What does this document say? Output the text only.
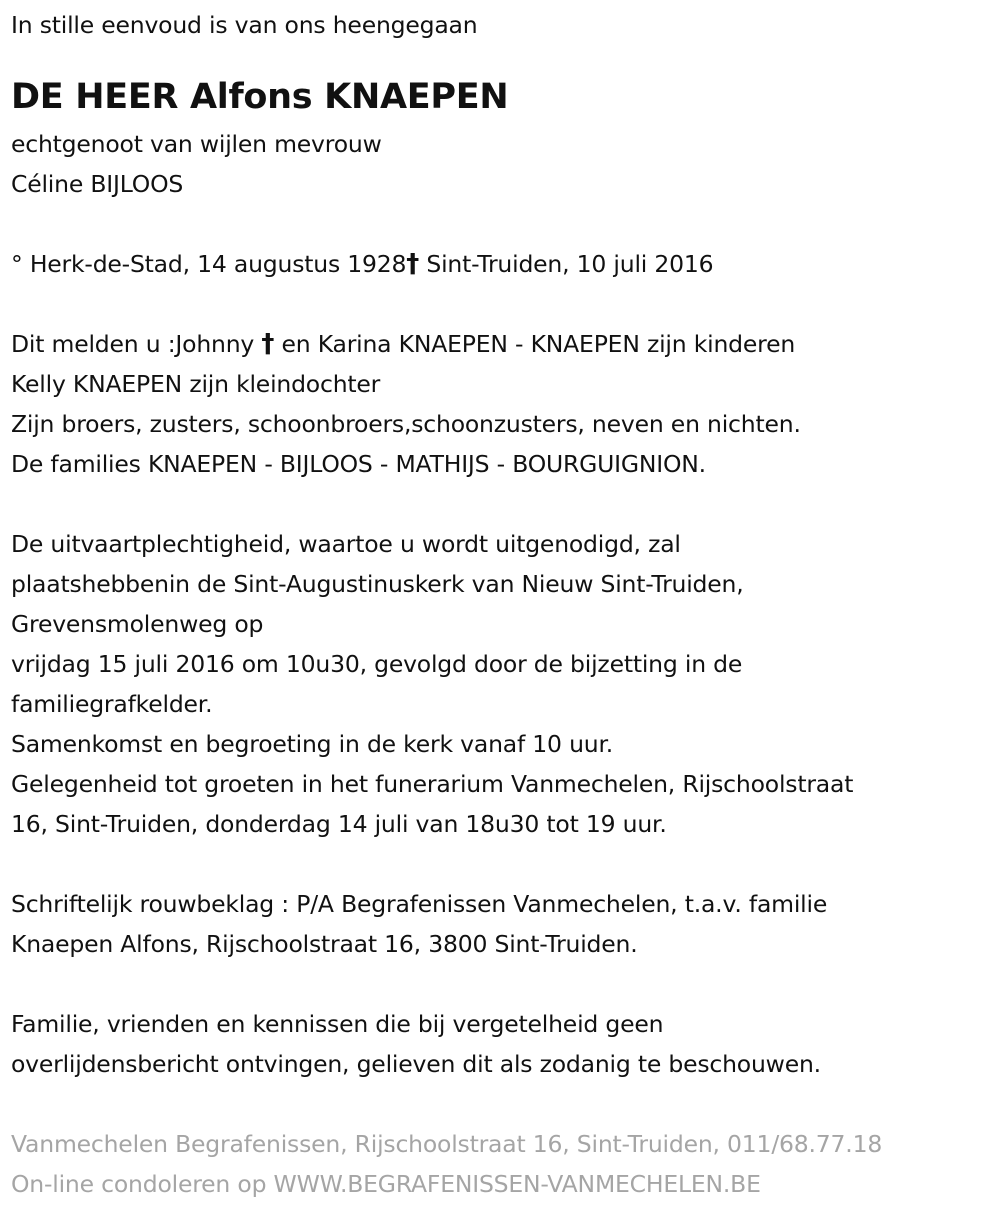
In stille eenvoud is van ons heengegaan
DE HEER Alfons KNAEPEN
echtgenoot van wijlen mevrouw
Céline BIJLOOS
° Herk-de-Stad, 14 augustus 1928† Sint-Truiden, 10 juli 2016
Dit melden u :Johnny † en Karina KNAEPEN - KNAEPEN zijn kinderen
Kelly KNAEPEN zijn kleindochter
Zijn broers, zusters, schoonbroers,schoonzusters, neven en nichten.
De families KNAEPEN - BIJLOOS - MATHIJS - BOURGUIGNION.
De uitvaartplechtigheid, waartoe u wordt uitgenodigd, zal
plaatshebbenin de Sint-Augustinuskerk van Nieuw Sint-Truiden,
Grevensmolenweg op
vrijdag 15 juli 2016 om 10u30, gevolgd door de bijzetting in de
familiegrafkelder.
Samenkomst en begroeting in de kerk vanaf 10 uur.
Gelegenheid tot groeten in het funerarium Vanmechelen, Rijschoolstraat
16, Sint-Truiden, donderdag 14 juli van 18u30 tot 19 uur.
Schriftelijk rouwbeklag : P/A Begrafenissen Vanmechelen, t.a.v. familie
Knaepen Alfons, Rijschoolstraat 16, 3800 Sint-Truiden.
Familie, vrienden en kennissen die bij vergetelheid geen
overlijdensbericht ontvingen, gelieven dit als zodanig te beschouwen.
Vanmechelen Begrafenissen, Rijschoolstraat 16, Sint-Truiden, 011/68.77.18
On-line condoleren op WWW.BEGRAFENISSEN-VANMECHELEN.BE
